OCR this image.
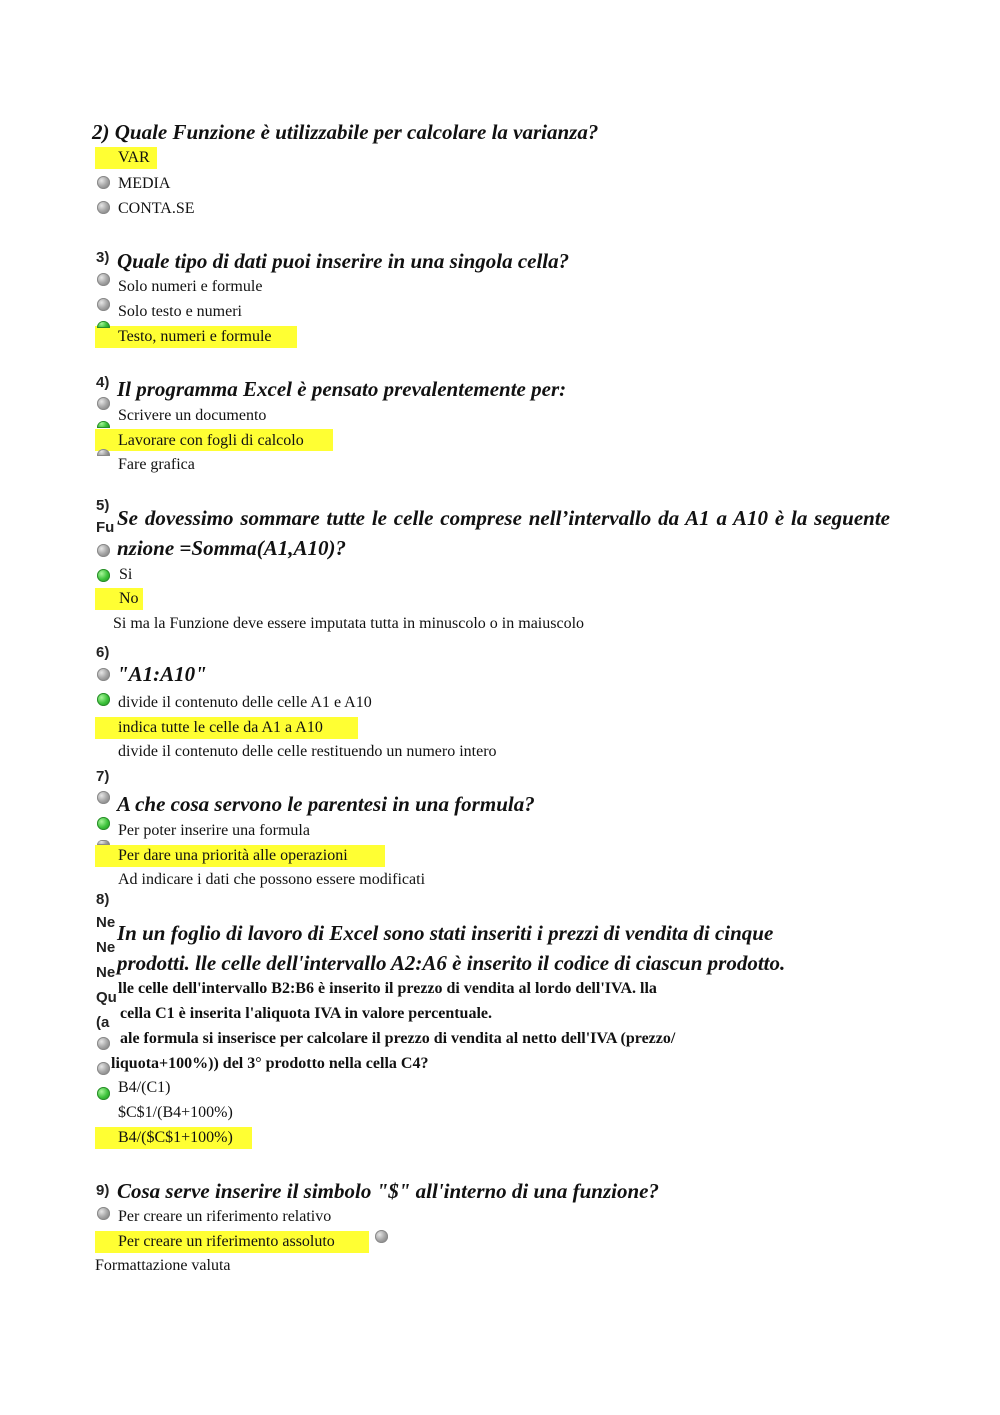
2) Quale Funzione è utilizzabile per calcolare la varianza?
VAR
MEDIA
CONTA.SE
3) Quale tipo di dati puoi inserire in una singola cella?
Solo numeri e formule
Solo testo e numeri
Testo, numeri e formule
4) Il programma Excel è pensato prevalentemente per:
Scrivere un documento
Lavorare con fogli di calcolo
Fare grafica
5)
Fu Se dovessimo sommare tutte le celle comprese nell’intervallo da A1 a A10 è la seguente nzione =Somma(A1,A10)?
Si
No
Si ma la Funzione deve essere imputata tutta in minuscolo o in maiuscolo
6)
"A1:A10"
divide il contenuto delle celle A1 e A10
indica tutte le celle da A1 a A10
divide il contenuto delle celle restituendo un numero intero
7)
A che cosa servono le parentesi in una formula?
Per poter inserire una formula
Per dare una priorità alle operazioni
Ad indicare i dati che possono essere modificati
8)
Ne
Ne
Ne
Qu
(a
In un foglio di lavoro di Excel sono stati inseriti i prezzi di vendita di cinque
prodotti. lle celle dell'intervallo A2:A6 è inserito il codice di ciascun prodotto.
lle celle dell'intervallo B2:B6 è inserito il prezzo di vendita al lordo dell'IVA. lla
cella C1 è inserita l'aliquota IVA in valore percentuale.
ale formula si inserisce per calcolare il prezzo di vendita al netto dell'IVA (prezzo/
liquota+100%)) del 3° prodotto nella cella C4?
B4/(C1)
$C$1/(B4+100%)
B4/($C$1+100%)
9) Cosa serve inserire il simbolo "$" all'interno di una funzione?
Per creare un riferimento relativo
Per creare un riferimento assoluto
Formattazione valuta
